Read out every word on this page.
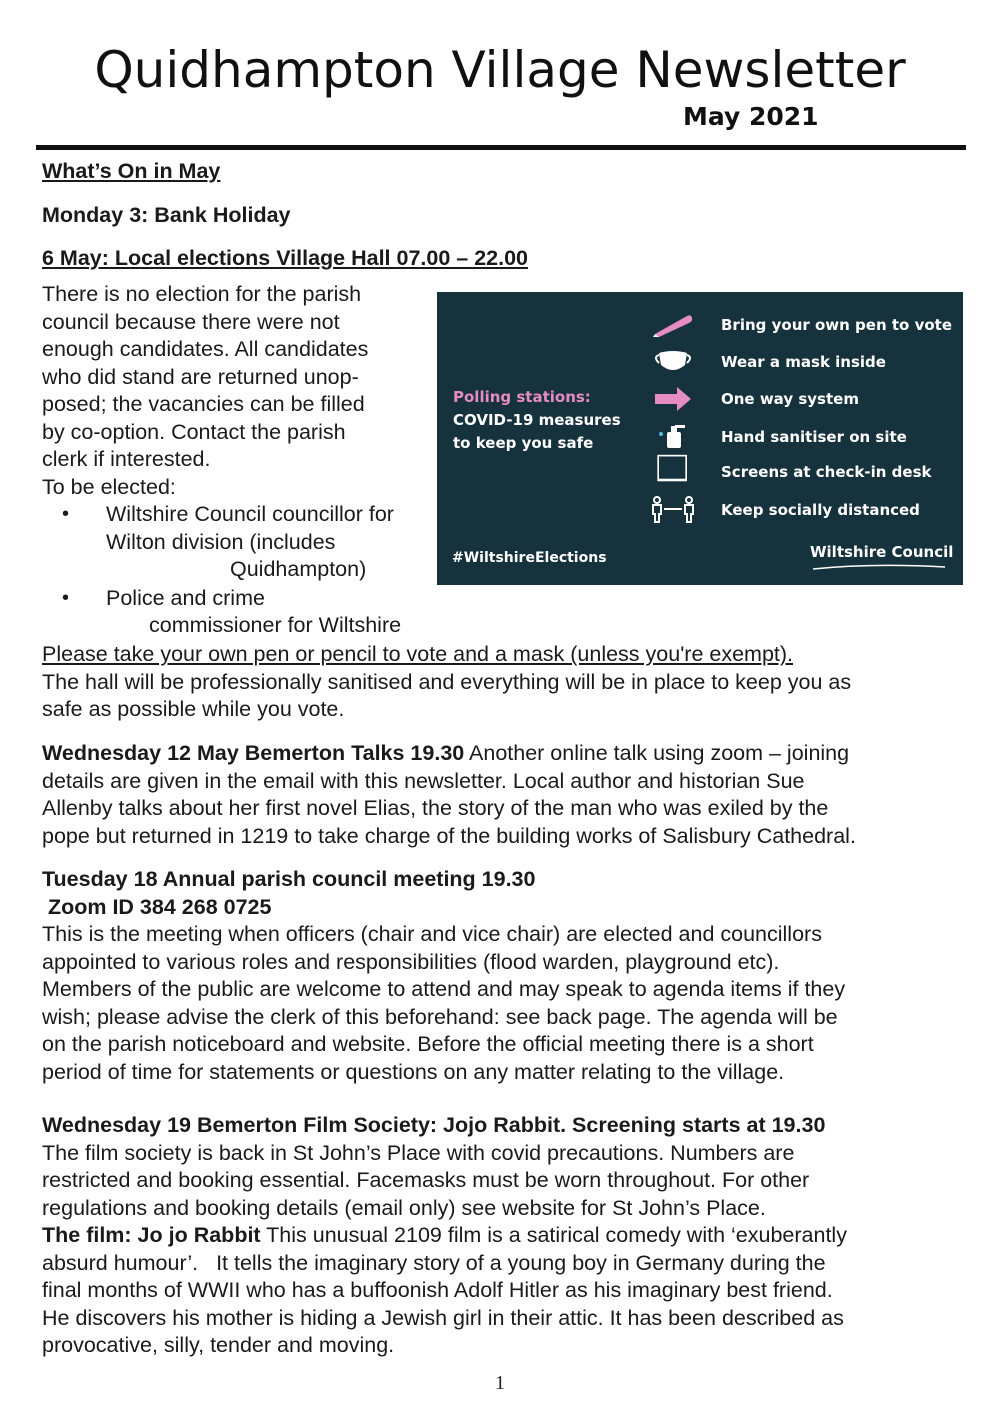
Quidhampton Village Newsletter
May 2021
What’s On in May
Monday 3: Bank Holiday
6 May: Local elections Village Hall 07.00 – 22.00
There is no election for the parish
council because there were not
enough candidates. All candidates
who did stand are returned unop-
posed; the vacancies can be filled
by co-option. Contact the parish
clerk if interested.
To be elected:
• Wiltshire Council councillor for
Wilton division (includes
Quidhampton)
• Police and crime
commissioner for Wiltshire
Please take your own pen or pencil to vote and a mask (unless you're exempt).
The hall will be professionally sanitised and everything will be in place to keep you as
safe as possible while you vote.
Polling stations:
COVID-19 measures
to keep you safe
Bring your own pen to vote
Wear a mask inside
One way system
Hand sanitiser on site
Screens at check-in desk
Keep socially distanced
#WiltshireElections	Wiltshire Council
Wednesday 12 May Bemerton Talks 19.30 Another online talk using zoom – joining
details are given in the email with this newsletter. Local author and historian Sue
Allenby talks about her first novel Elias, the story of the man who was exiled by the
pope but returned in 1219 to take charge of the building works of Salisbury Cathedral.
Tuesday 18 Annual parish council meeting 19.30
Zoom ID 384 268 0725
This is the meeting when officers (chair and vice chair) are elected and councillors
appointed to various roles and responsibilities (flood warden, playground etc).
Members of the public are welcome to attend and may speak to agenda items if they
wish; please advise the clerk of this beforehand: see back page. The agenda will be
on the parish noticeboard and website. Before the official meeting there is a short
period of time for statements or questions on any matter relating to the village.
Wednesday 19 Bemerton Film Society: Jojo Rabbit. Screening starts at 19.30
The film society is back in St John’s Place with covid precautions. Numbers are
restricted and booking essential. Facemasks must be worn throughout. For other
regulations and booking details (email only) see website for St John’s Place.
The film: Jo jo Rabbit This unusual 2109 film is a satirical comedy with ‘exuberantly
absurd humour’.   It tells the imaginary story of a young boy in Germany during the
final months of WWII who has a buffoonish Adolf Hitler as his imaginary best friend.
He discovers his mother is hiding a Jewish girl in their attic. It has been described as
provocative, silly, tender and moving.
1
